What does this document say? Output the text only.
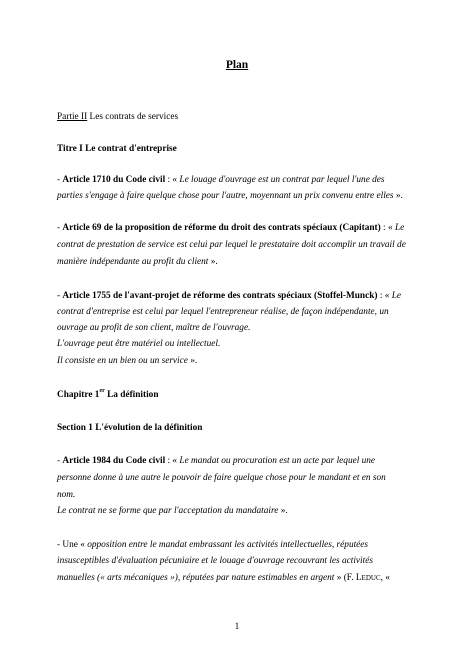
Plan
Partie II Les contrats de services
Titre I Le contrat d'entreprise
- Article 1710 du Code civil : « Le louage d'ouvrage est un contrat par lequel l'une des
parties s'engage à faire quelque chose pour l'autre, moyennant un prix convenu entre elles ».
- Article 69 de la proposition de réforme du droit des contrats spéciaux (Capitant) : « Le
contrat de prestation de service est celui par lequel le prestataire doit accomplir un travail de
manière indépendante au profit du client ».
- Article 1755 de l'avant-projet de réforme des contrats spéciaux (Stoffel-Munck) : « Le
contrat d'entreprise est celui par lequel l'entrepreneur réalise, de façon indépendante, un
ouvrage au profit de son client, maître de l'ouvrage.
L'ouvrage peut être matériel ou intellectuel.
Il consiste en un bien ou un service ».
Chapitre 1er La définition
Section 1 L'évolution de la définition
- Article 1984 du Code civil : « Le mandat ou procuration est un acte par lequel une
personne donne à une autre le pouvoir de faire quelque chose pour le mandant et en son
nom.
Le contrat ne se forme que par l'acceptation du mandataire ».
- Une « opposition entre le mandat embrassant les activités intellectuelles, réputées
insusceptibles d'évaluation pécuniaire et le louage d'ouvrage recouvrant les activités
manuelles (« arts mécaniques »), réputées par nature estimables en argent » (F. Leduc, «
1
